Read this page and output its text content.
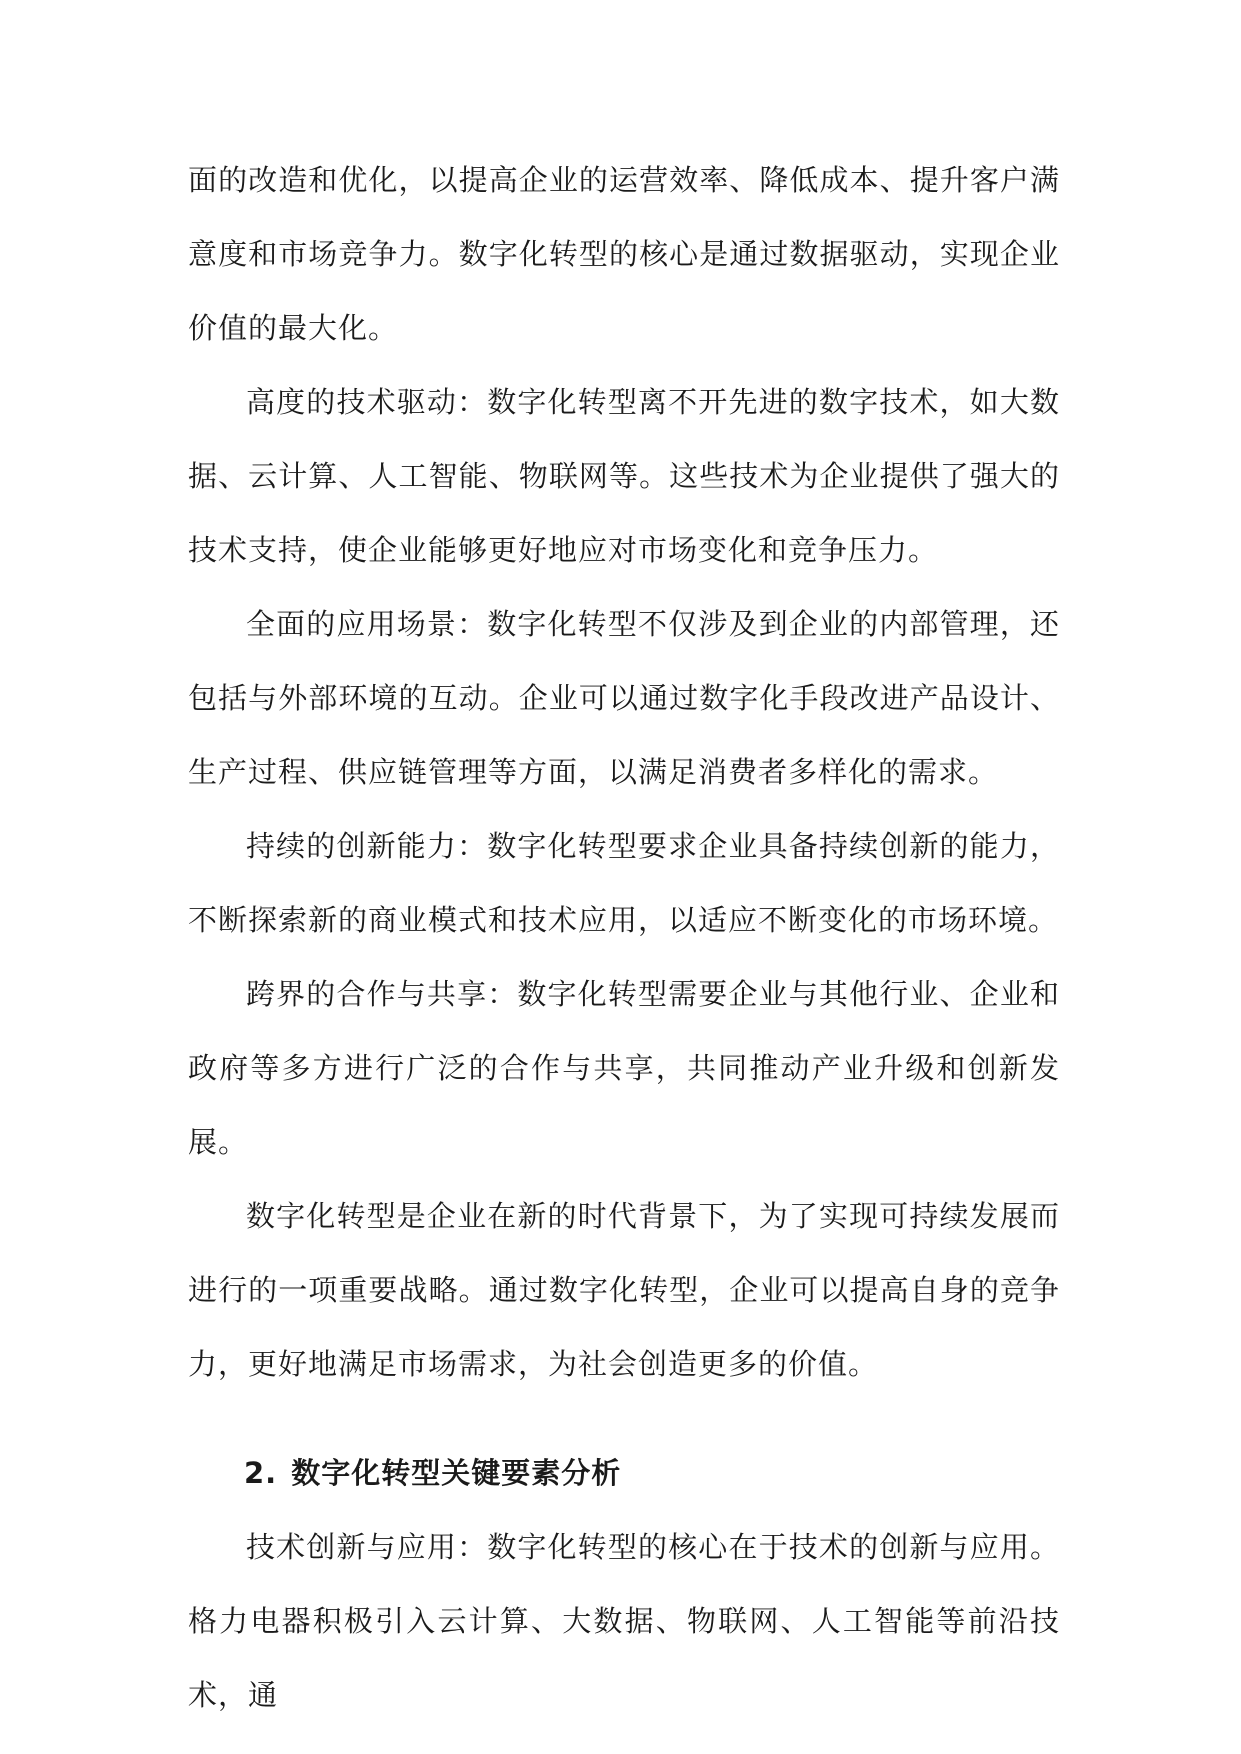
面的改造和优化，以提高企业的运营效率、降低成本、提升客户满意度和市场竞争力。数字化转型的核心是通过数据驱动，实现企业价值的最大化。

高度的技术驱动：数字化转型离不开先进的数字技术，如大数据、云计算、人工智能、物联网等。这些技术为企业提供了强大的技术支持，使企业能够更好地应对市场变化和竞争压力。

全面的应用场景：数字化转型不仅涉及到企业的内部管理，还包括与外部环境的互动。企业可以通过数字化手段改进产品设计、生产过程、供应链管理等方面，以满足消费者多样化的需求。

持续的创新能力：数字化转型要求企业具备持续创新的能力，不断探索新的商业模式和技术应用，以适应不断变化的市场环境。

跨界的合作与共享：数字化转型需要企业与其他行业、企业和政府等多方进行广泛的合作与共享，共同推动产业升级和创新发展。

数字化转型是企业在新的时代背景下，为了实现可持续发展而进行的一项重要战略。通过数字化转型，企业可以提高自身的竞争力，更好地满足市场需求，为社会创造更多的价值。

2. 数字化转型关键要素分析

技术创新与应用：数字化转型的核心在于技术的创新与应用。格力电器积极引入云计算、大数据、物联网、人工智能等前沿技术，通
